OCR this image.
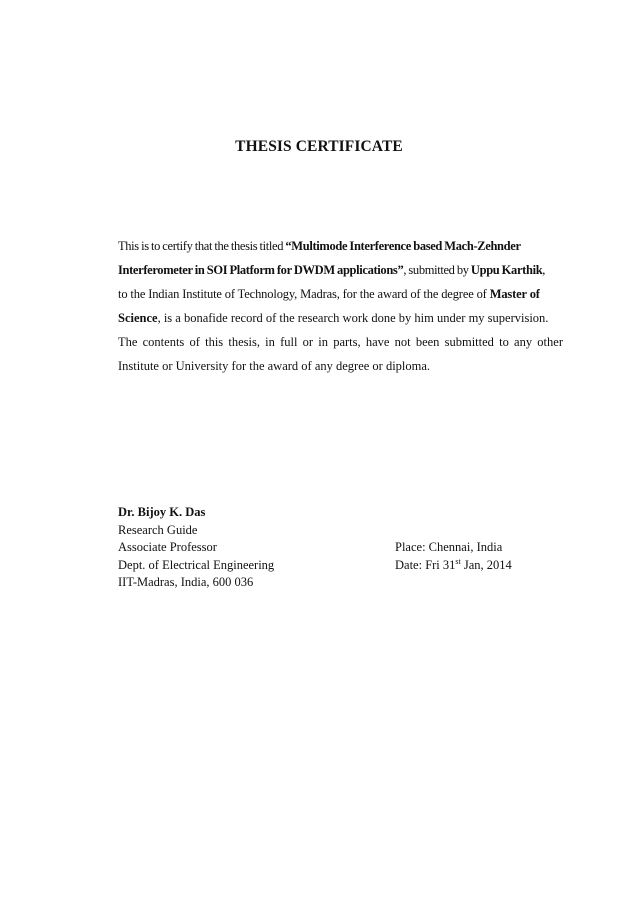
THESIS CERTIFICATE

This is to certify that the thesis titled “Multimode Interference based Mach-Zehnder
Interferometer in SOI Platform for DWDM applications”, submitted by Uppu Karthik,
to the Indian Institute of Technology, Madras, for the award of the degree of Master of
Science, is a bonafide record of the research work done by him under my supervision.
The contents of this thesis, in full or in parts, have not been submitted to any other
Institute or University for the award of any degree or diploma.

Dr. Bijoy K. Das
Research Guide
Associate Professor
Dept. of Electrical Engineering
IIT-Madras, India, 600 036
Place: Chennai, India
Date: Fri 31st Jan, 2014
